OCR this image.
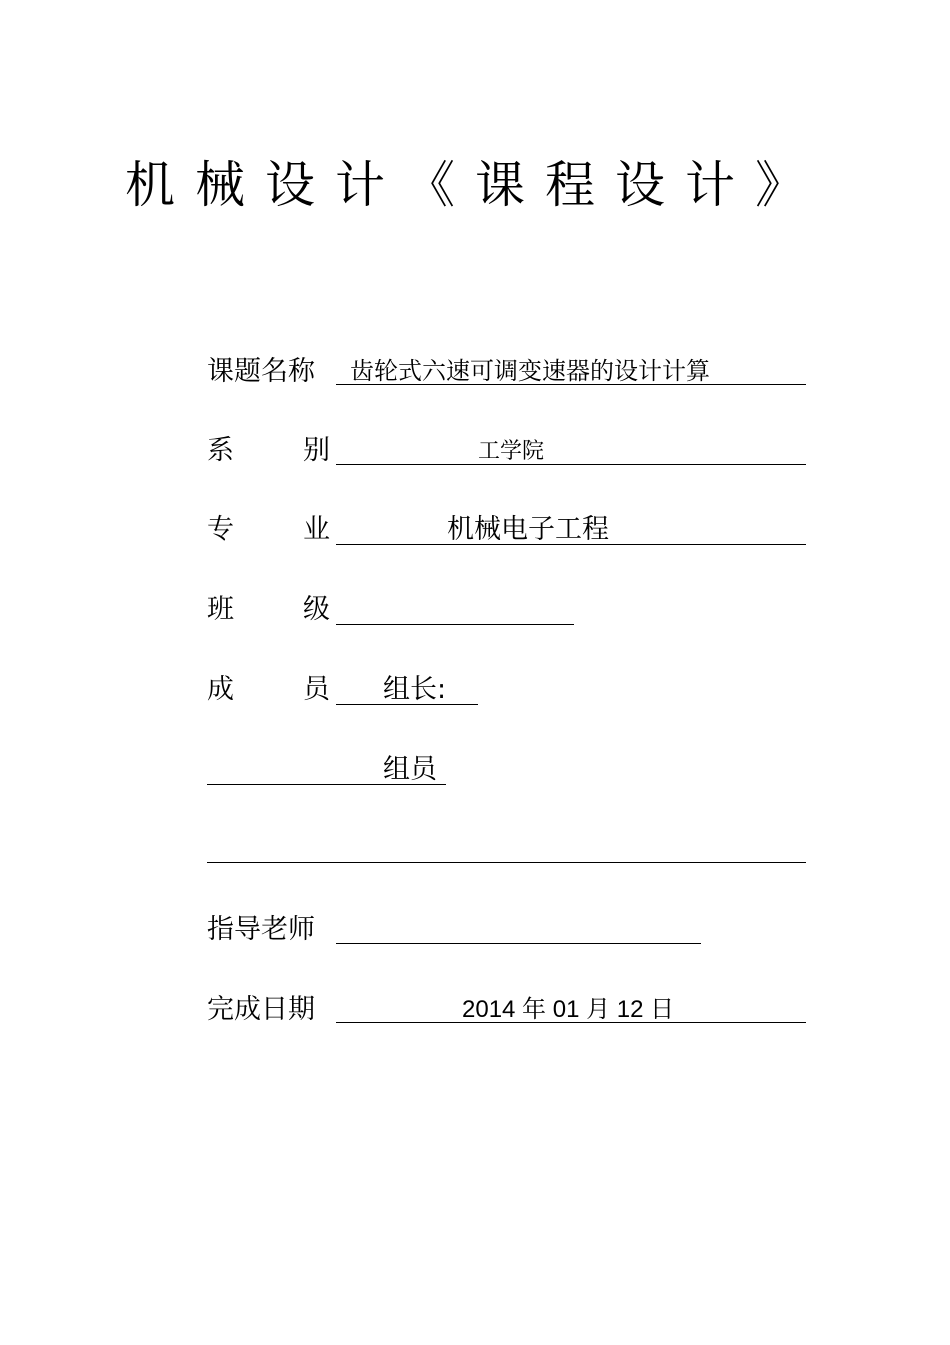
机械设计《课程设计》
课题名称 齿轮式六速可调变速器的设计计算
系	别	工学院
专	业	机械电子工程
班	级
成	员 组长:
组员
指导老师
完成日期	2014 年 01 月 12 日
